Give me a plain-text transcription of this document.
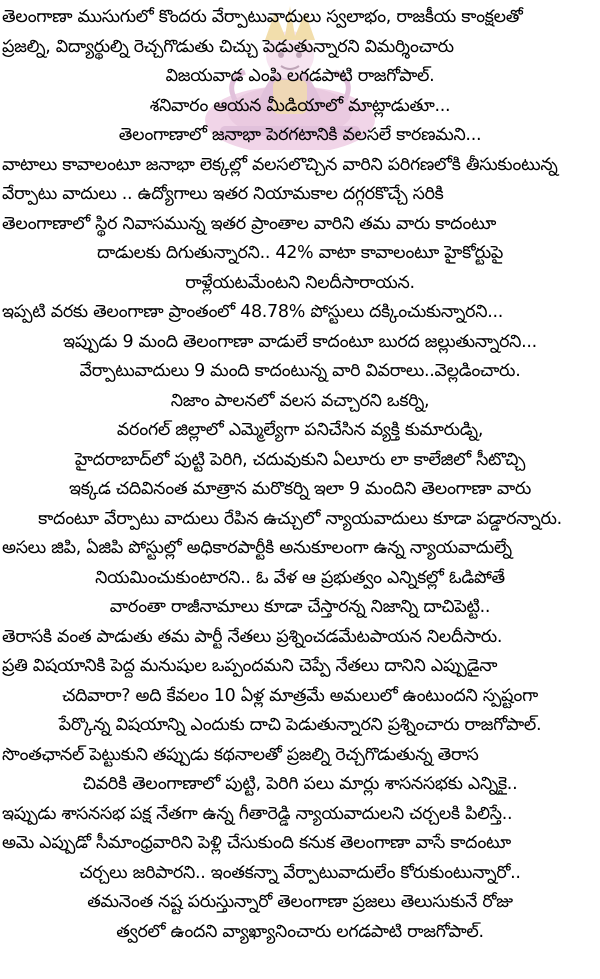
తెలంగాణా ముసుగులో కొందరు వేర్పాటువాదులు స్వలాభం, రాజకీయ కాంక్షలతో
ప్రజల్ని, విద్యార్థుల్ని రెచ్చగొడుతు చిచ్చు పెడుతున్నారని విమర్శించారు
విజయవాడ ఎంపి లగడపాటి రాజగోపాల్.
శనివారం ఆయన మీడియాలో మాట్లాడుతూ...
తెలంగాణాలో జనాభా పెరగటానికి వలసలే కారణమని...
వాటాలు కావాలంటూ జనాభా లెక్కల్లో వలసలొచ్చిన వారిని పరిగణలోకి తీసుకుంటున్న
వేర్పాటు వాదులు .. ఉద్యోగాలు ఇతర నియామకాల దగ్గరకొచ్చే సరికి
తెలంగాణాలో స్థిర నివాసమున్న ఇతర ప్రాంతాల వారిని తమ వారు కాదంటూ
దాడులకు దిగుతున్నారని.. 42% వాటా కావాలంటూ హైకోర్టుపై
రాళ్లేయటమేంటని నిలదీసారాయన.
ఇప్పటి వరకు తెలంగాణా ప్రాంతంలో 48.78% పోస్టులు దక్కించుకున్నారని...
ఇప్పుడు 9 మంది తెలంగాణా వాడులే కాదంటూ బురద జల్లుతున్నారని...
వేర్పాటువాదులు 9 మంది కాదంటున్న వారి వివరాలు..వెల్లడించారు.
నిజాం పాలనలో వలస వచ్చారని ఒకర్ని,
వరంగల్ జిల్లాలో ఎమ్మెల్యేగా పనిచేసిన వ్యక్తి కుమారుడ్ని,
హైదరాబాద్‌లో పుట్టి పెరిగి, చదువుకుని ఏలూరు లా కాలేజిలో సీటొచ్చి
ఇక్కడ చదివినంత మాత్రాన మరొకర్ని ఇలా 9 మందిని తెలంగాణా వారు
కాదంటూ వేర్పాటు వాదులు రేపిన ఉచ్చులో న్యాయవాదులు కూడా పడ్డారన్నారు.
అసలు జిపి, ఏజిపి పోస్టుల్లో అధికారపార్టీకి అనుకూలంగా ఉన్న న్యాయవాదుల్నే
నియమించుకుంటారని.. ఓ వేళ ఆ ప్రభుత్వం ఎన్నికల్లో ఓడిపోతే
వారంతా రాజీనామాలు కూడా చేస్తారన్న నిజాన్ని దాచిపెట్టి..
తెరాసకి వంత పాడుతు తమ పార్టీ నేతలు ప్రశ్నించడమేటపాయన నిలదీసారు.
ప్రతి విషయానికి పెద్ద మనుషుల ఒప్పందమని చెప్పే నేతలు దానిని ఎప్పుడైనా
చదివారా? అది కేవలం 10 ఏళ్ల మాత్రమే అమలులో ఉంటుందని స్పష్టంగా
పేర్కొన్న విషయాన్ని ఎందుకు దాచి పెడుతున్నారని ప్రశ్నించారు రాజగోపాల్.
సొంతఛానల్ పెట్టుకుని తప్పుడు కథనాలతో ప్రజల్ని రెచ్చగొడుతున్న తెరాస
చివరికి తెలంగాణాలో పుట్టి, పెరిగి పలు మార్లు శాసనసభకు ఎన్నికై..
ఇప్పుడు శాసనసభ పక్ష నేతగా ఉన్న గీతారెడ్డి న్యాయవాదులని చర్చలకి పిలిస్తే..
అమె ఎప్పుడో సీమాంధ్రవారిని పెళ్లి చేసుకుంది కనుక తెలంగాణా వాసే కాదంటూ
చర్చలు జరిపారని.. ఇంతకన్నా వేర్పాటువాదులేం కోరుకుంటున్నారో..
తమనెంత నష్ట పరుస్తున్నారో తెలంగాణా ప్రజలు తెలుసుకునే రోజు
త్వరలో ఉందని వ్యాఖ్యానించారు లగడపాటి రాజగోపాల్.
